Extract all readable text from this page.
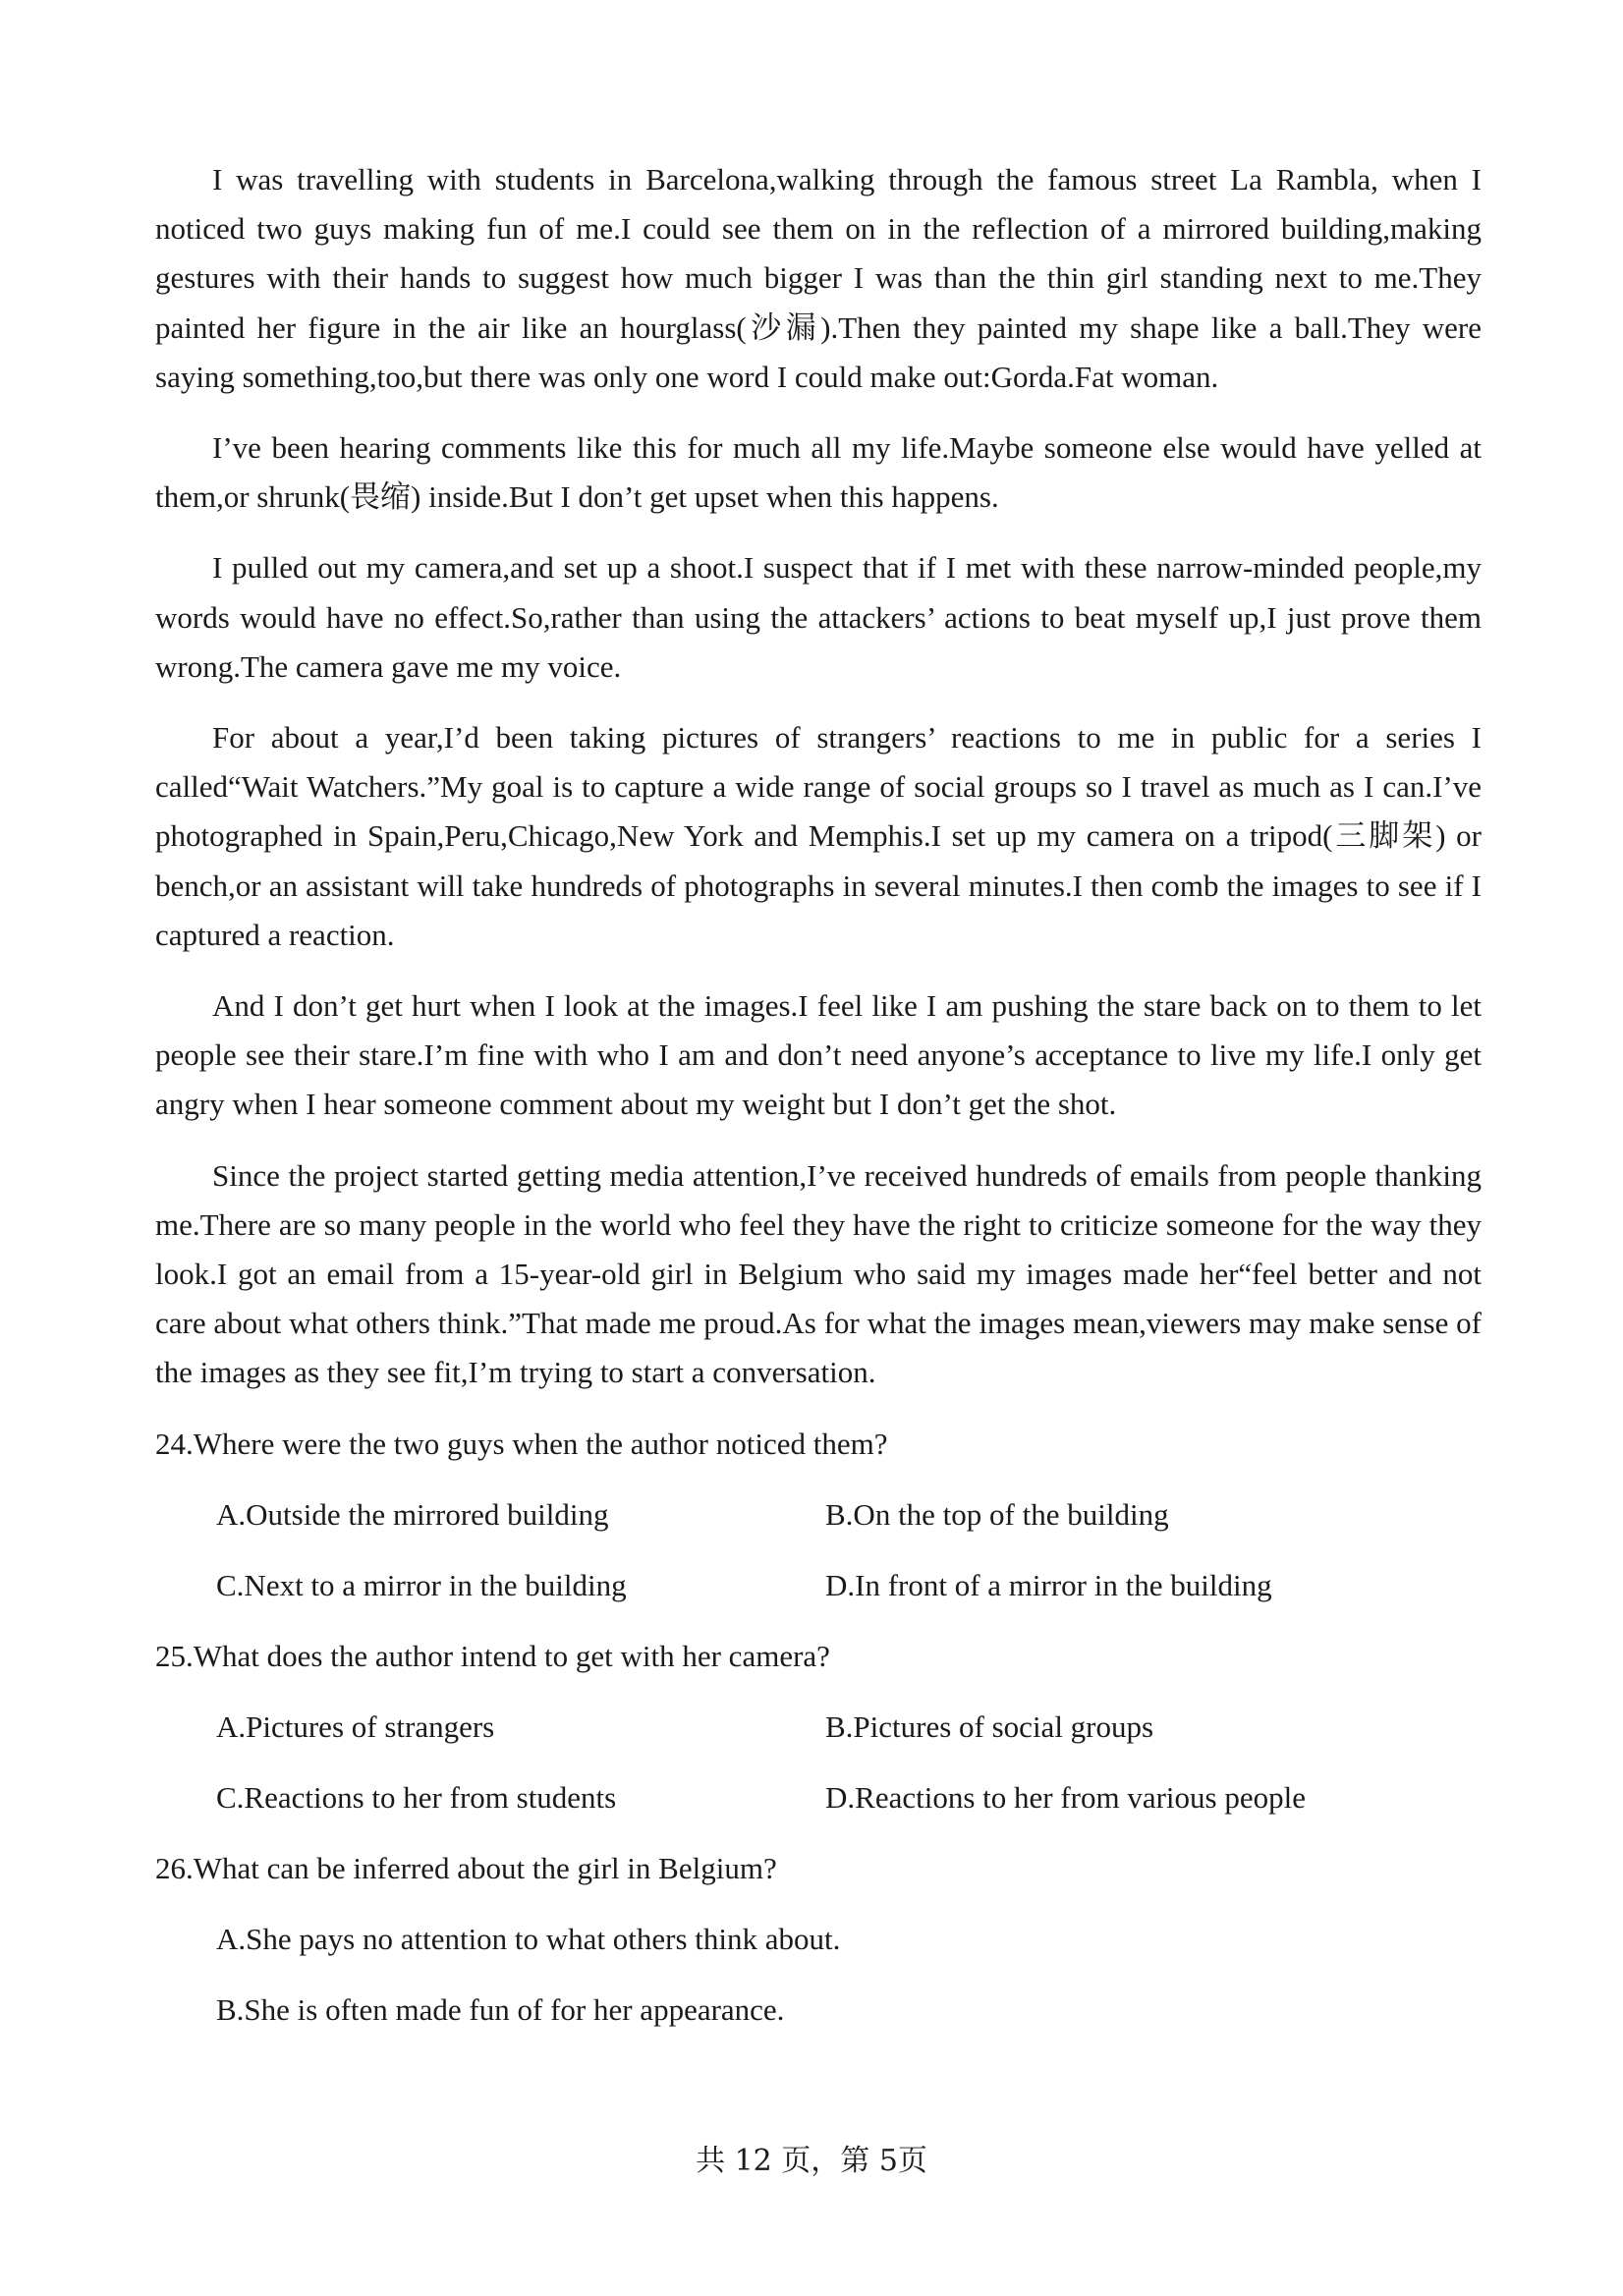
I was travelling with students in Barcelona,walking through the famous street La Rambla, when I noticed two guys making fun of me.I could see them on in the reflection of a mirrored building,making gestures with their hands to suggest how much bigger I was than the thin girl standing next to me.They painted her figure in the air like an hourglass(沙漏).Then they painted my shape like a ball.They were saying something,too,but there was only one word I could make out:Gorda.Fat woman.

I’ve been hearing comments like this for much all my life.Maybe someone else would have yelled at them,or shrunk(畏缩) inside.But I don’t get upset when this happens.

I pulled out my camera,and set up a shoot.I suspect that if I met with these narrow-minded people,my words would have no effect.So,rather than using the attackers’ actions to beat myself up,I just prove them wrong.The camera gave me my voice.

For about a year,I’d been taking pictures of strangers’ reactions to me in public for a series I called“Wait Watchers.”My goal is to capture a wide range of social groups so I travel as much as I can.I’ve photographed in Spain,Peru,Chicago,New York and Memphis.I set up my camera on a tripod(三脚架) or bench,or an assistant will take hundreds of photographs in several minutes.I then comb the images to see if I captured a reaction.

And I don’t get hurt when I look at the images.I feel like I am pushing the stare back on to them to let people see their stare.I’m fine with who I am and don’t need anyone’s acceptance to live my life.I only get angry when I hear someone comment about my weight but I don’t get the shot.

Since the project started getting media attention,I’ve received hundreds of emails from people thanking me.There are so many people in the world who feel they have the right to criticize someone for the way they look.I got an email from a 15-year-old girl in Belgium who said my images made her“feel better and not care about what others think.”That made me proud.As for what the images mean,viewers may make sense of the images as they see fit,I’m trying to start a conversation.

24.Where were the two guys when the author noticed them?
A.Outside the mirrored building	B.On the top of the building
C.Next to a mirror in the building	D.In front of a mirror in the building
25.What does the author intend to get with her camera?
A.Pictures of strangers	B.Pictures of social groups
C.Reactions to her from students	D.Reactions to her from various people
26.What can be inferred about the girl in Belgium?
A.She pays no attention to what others think about.
B.She is often made fun of for her appearance.
共 12 页，第 5页
